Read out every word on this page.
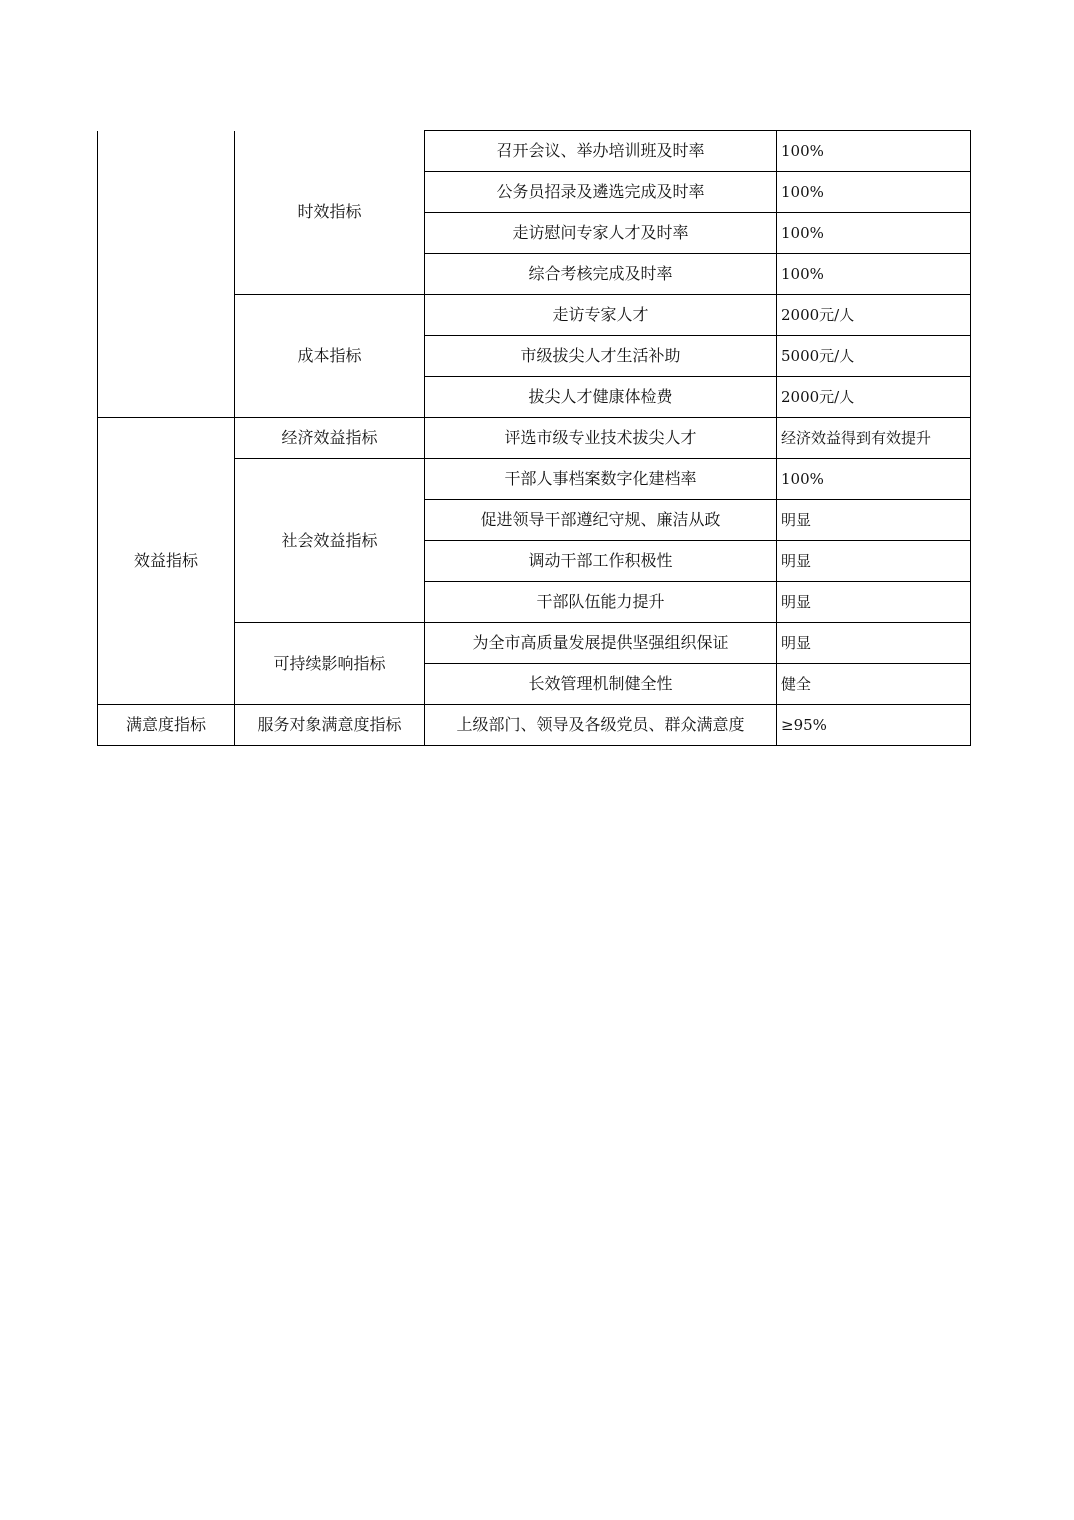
	时效指标	召开会议、举办培训班及时率	100%
		公务员招录及遴选完成及时率	100%
		走访慰问专家人才及时率	100%
		综合考核完成及时率	100%
	成本指标	走访专家人才	2000元/人
		市级拔尖人才生活补助	5000元/人
		拔尖人才健康体检费	2000元/人
效益指标	经济效益指标	评选市级专业技术拔尖人才	经济效益得到有效提升
	社会效益指标	干部人事档案数字化建档率	100%
		促进领导干部遵纪守规、廉洁从政	明显
		调动干部工作积极性	明显
		干部队伍能力提升	明显
	可持续影响指标	为全市高质量发展提供坚强组织保证	明显
		长效管理机制健全性	健全
满意度指标	服务对象满意度指标	上级部门、领导及各级党员、群众满意度	≥95%
